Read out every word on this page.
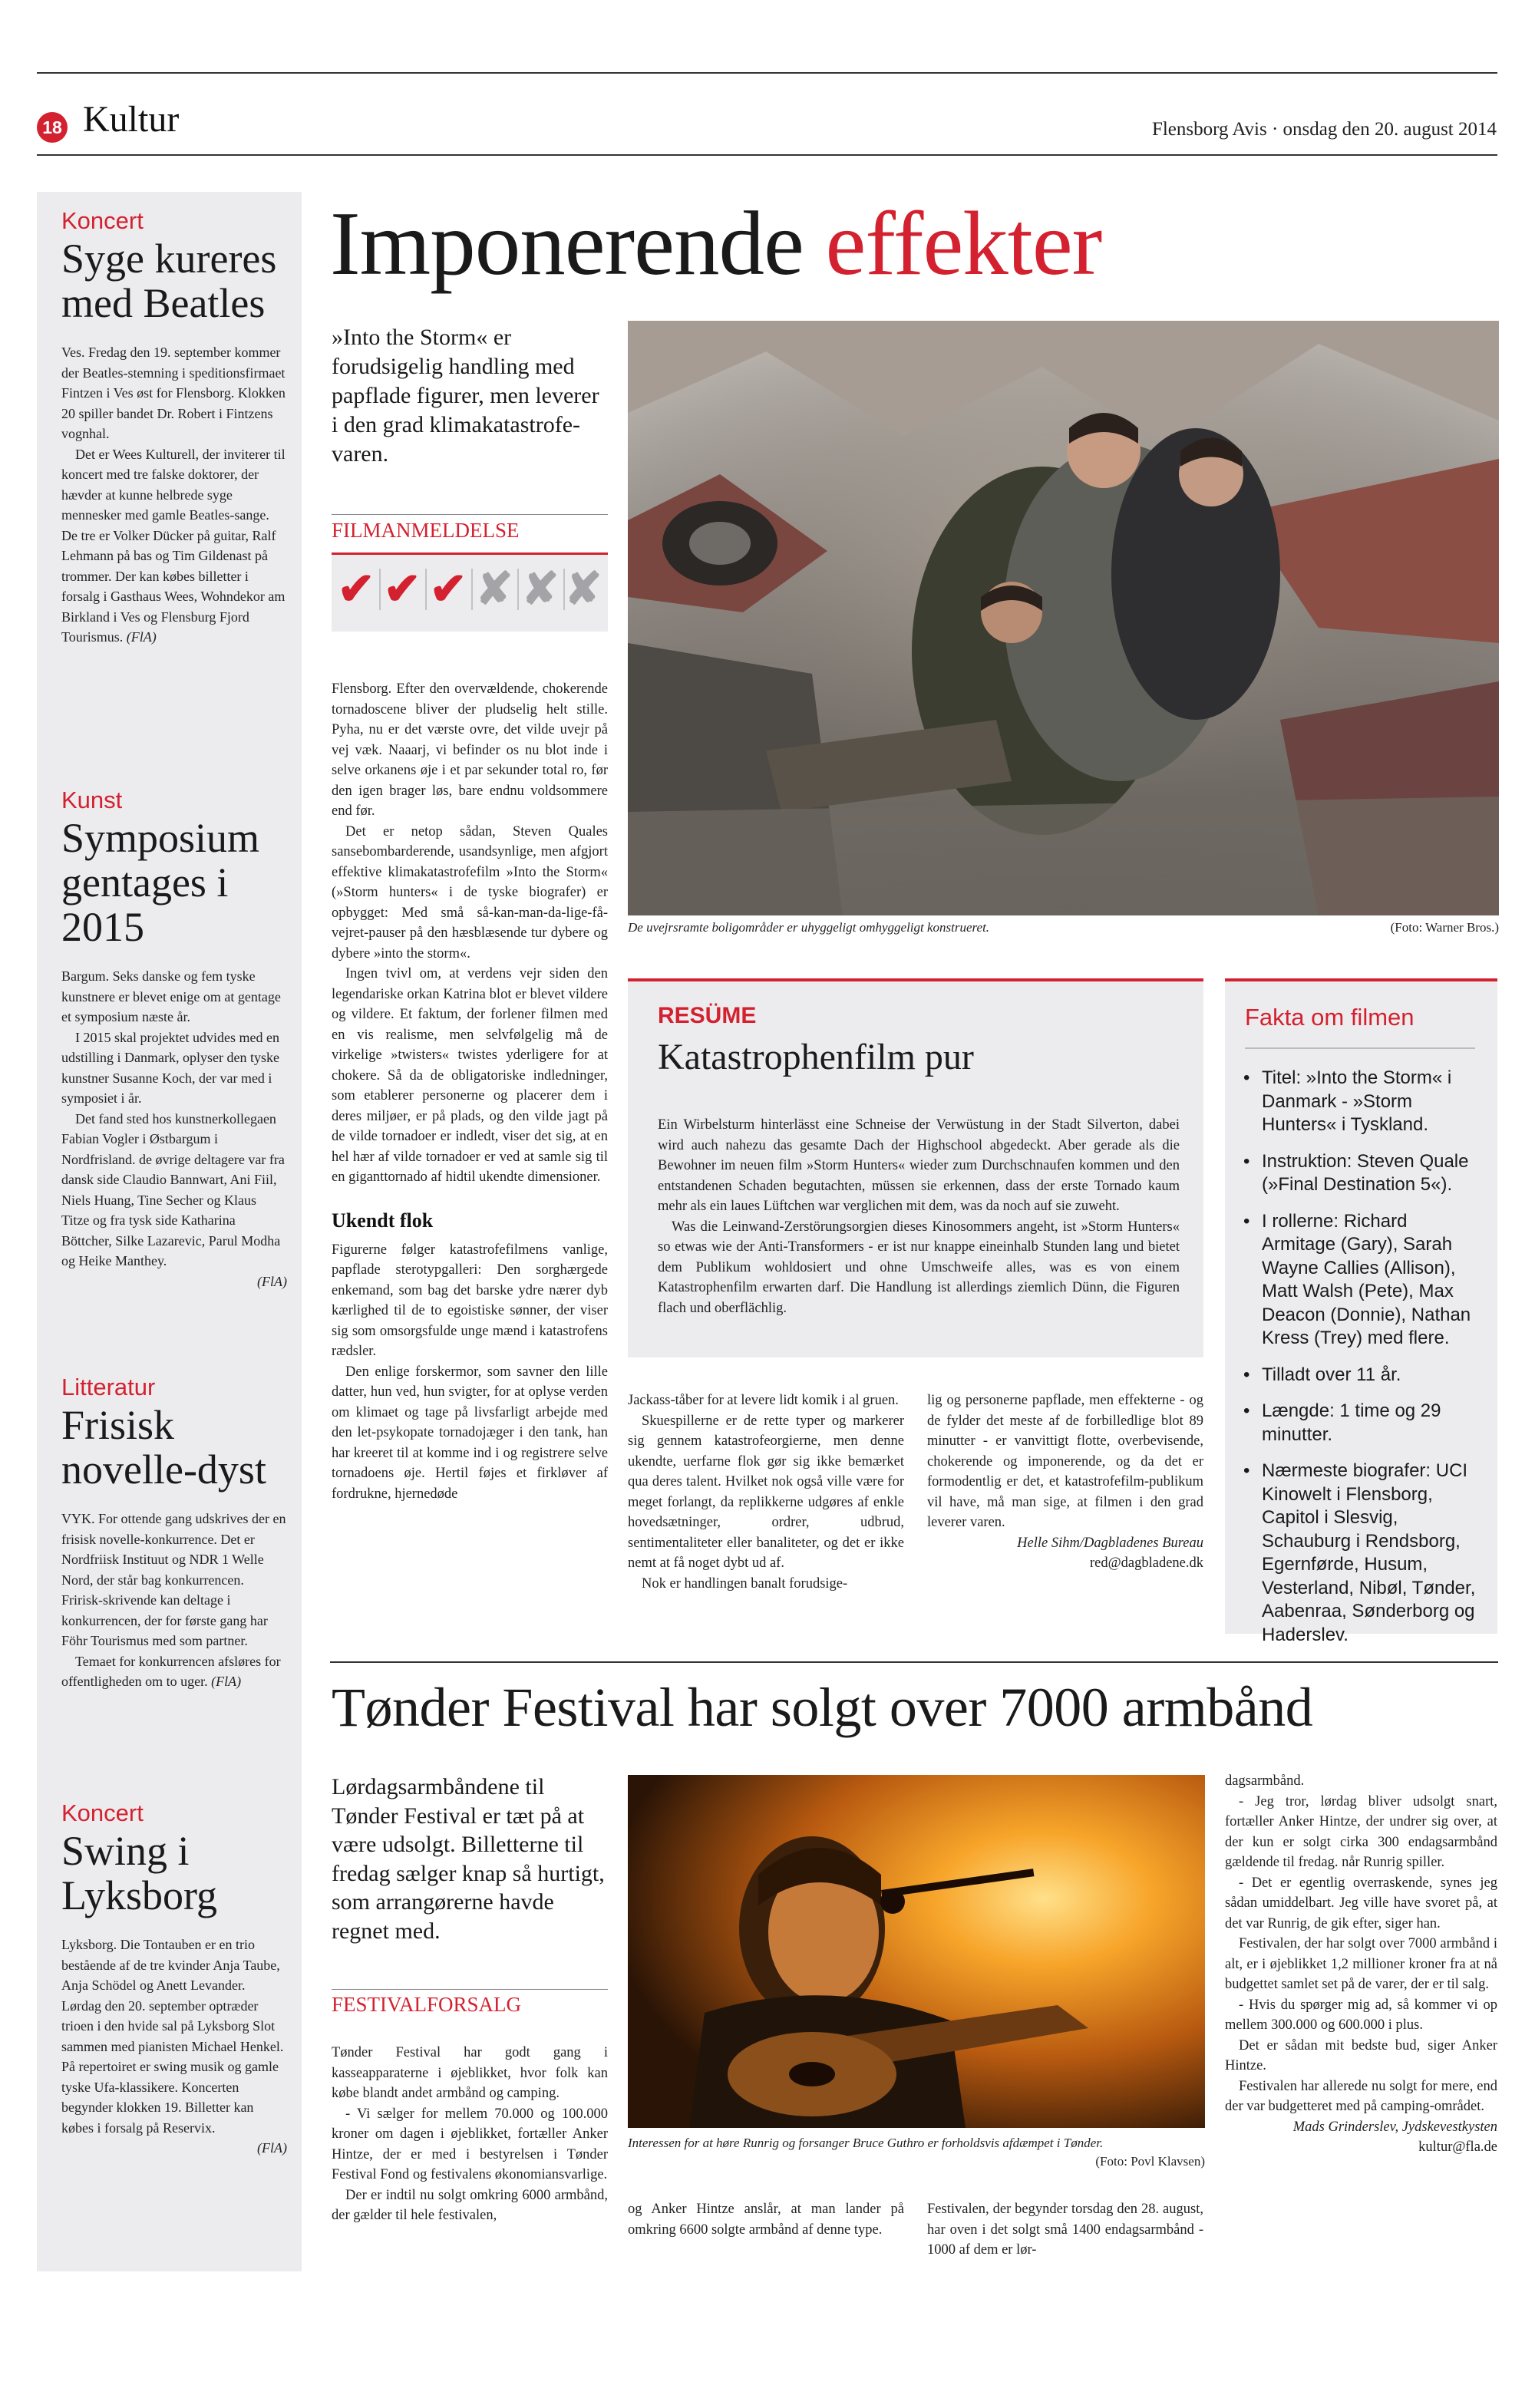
18 Kultur	Flensborg Avis · onsdag den 20. august 2014
Koncert
Syge kureres med Beatles

Ves. Fredag den 19. september kommer der Beatles-stemning i speditionsfirmaet Fintzen i Ves øst for Flensborg. Klokken 20 spiller bandet Dr. Robert i Fintzens vognhal.

Det er Wees Kulturell, der inviterer til koncert med tre falske doktorer, der hævder at kunne helbrede syge mennesker med gamle Beatles-sange. De tre er Volker Dücker på guitar, Ralf Lehmann på bas og Tim Gildenast på trommer. Der kan købes billetter i forsalg i Gasthaus Wees, Wohndekor am Birkland i Ves og Flensburg Fjord Tourismus. (FlA)

Kunst
Symposium gentages i 2015

Bargum. Seks danske og fem tyske kunstnere er blevet enige om at gentage et symposium næste år.

I 2015 skal projektet udvides med en udstilling i Danmark, oplyser den tyske kunstner Susanne Koch, der var med i symposiet i år.

Det fand sted hos kunstnerkollegaen Fabian Vogler i Østbargum i Nordfrisland. de øvrige deltagere var fra dansk side Claudio Bannwart, Ani Fiil, Niels Huang, Tine Secher og Klaus Titze og fra tysk side Katharina Böttcher, Silke Lazarevic, Parul Modha og Heike Manthey.

(FlA)
Litteratur
Frisisk novelle-dyst

VYK. For ottende gang udskrives der en frisisk novelle-konkurrence. Det er Nordfriisk Instituut og NDR 1 Welle Nord, der står bag konkurrencen. Fririsk-skrivende kan deltage i konkurrencen, der for første gang har Föhr Tourismus med som partner.

Temaet for konkurrencen afsløres for offentligheden om to uger. (FlA)

Koncert
Swing i Lyksborg

Lyksborg. Die Tontauben er en trio bestående af de tre kvinder Anja Taube, Anja Schödel og Anett Levander. Lørdag den 20. september optræder trioen i den hvide sal på Lyksborg Slot sammen med pianisten Michael Henkel. På repertoiret er swing musik og gamle tyske Ufa-klassikere. Koncerten begynder klokken 19. Billetter kan købes i forsalg på Reservix.

(FlA)
Imponerende effekter
»Into the Storm« er forudsigelig handling med papflade figurer, men leverer i den grad klimakatastrofe-varen.
FILMANMELDELSE
✔ ✔ ✔ ✘ ✘ ✘

Flensborg. Efter den overvældende, chokerende tornadoscene bliver der pludselig helt stille. Pyha, nu er det værste ovre, det vilde uvejr på vej væk. Naaarj, vi befinder os nu blot inde i selve orkanens øje i et par sekunder total ro, før den igen brager løs, bare endnu voldsommere end før.

Det er netop sådan, Steven Quales sansebombarderende, usandsynlige, men afgjort effektive klimakatastrofefilm »Into the Storm« (»Storm hunters« i de tyske biografer) er opbygget: Med små så-kan-man-da-lige-få-vejret-pauser på den hæsblæsende tur dybere og dybere »into the storm«.

Ingen tvivl om, at verdens vejr siden den legendariske orkan Katrina blot er blevet vildere og vildere. Et faktum, der forlener filmen med en vis realisme, men selvfølgelig må de virkelige »twisters« twistes yderligere for at chokere. Så da de obligatoriske indledninger, som etablerer personerne og placerer dem i deres miljøer, er på plads, og den vilde jagt på de vilde tornadoer er indledt, viser det sig, at en hel hær af vilde tornadoer er ved at samle sig til en giganttornado af hidtil ukendte dimensioner.

Ukendt flok

Figurerne følger katastrofefilmens vanlige, papflade sterotypgalleri: Den sorghærgede enkemand, som bag det barske ydre nærer dyb kærlighed til de to egoistiske sønner, der viser sig som omsorgsfulde unge mænd i katastrofens rædsler.

Den enlige forskermor, som savner den lille datter, hun ved, hun svigter, for at oplyse verden om klimaet og tage på livsfarligt arbejde med den let-psykopate tornadojæger i den tank, han har kreeret til at komme ind i og registrere selve tornadoens øje. Hertil føjes et firkløver af fordrukne, hjernedøde

De uvejrsramte boligområder er uhyggeligt omhyggeligt konstrueret.	(Foto: Warner Bros.)
RESÜME
Katastrophenfilm pur

Ein Wirbelsturm hinterlässt eine Schneise der Verwüstung in der Stadt Silverton, dabei wird auch nahezu das gesamte Dach der Highschool abgedeckt. Aber gerade als die Bewohner im neuen film »Storm Hunters« wieder zum Durchschnaufen kommen und den entstandenen Schaden begutachten, müssen sie erkennen, dass der erste Tornado kaum mehr als ein laues Lüftchen war verglichen mit dem, was da noch auf sie zuweht.

Was die Leinwand-Zerstörungsorgien dieses Kinosommers angeht, ist »Storm Hunters« so etwas wie der Anti-Transformers - er ist nur knappe eineinhalb Stunden lang und bietet dem Publikum wohldosiert und ohne Umschweife alles, was es von einem Katastrophenfilm erwarten darf. Die Handlung ist allerdings ziemlich Dünn, die Figuren flach und oberflächlig.

Fakta om filmen
• Titel: »Into the Storm« i Danmark - »Storm Hunters« i Tyskland.
• Instruktion: Steven Quale (»Final Destination 5«).
• I rollerne: Richard Armitage (Gary), Sarah Wayne Callies (Allison), Matt Walsh (Pete), Max Deacon (Donnie), Nathan Kress (Trey) med flere.
• Tilladt over 11 år.
• Længde: 1 time og 29 minutter.
• Nærmeste biografer: UCI Kinowelt i Flensborg, Capitol i Slesvig, Schauburg i Rendsborg, Egernførde, Husum, Vesterland, Nibøl, Tønder, Aabenraa, Sønderborg og Haderslev.

Jackass-tåber for at levere lidt komik i al gruen.

Skuespillerne er de rette typer og markerer sig gennem katastrofeorgierne, men denne ukendte, uerfarne flok gør sig ikke bemærket qua deres talent. Hvilket nok også ville være for meget forlangt, da replikkerne udgøres af enkle hovedsætninger, ordrer, udbrud, sentimentaliteter eller banaliteter, og det er ikke nemt at få noget dybt ud af.

Nok er handlingen banalt forudsige-

lig og personerne papflade, men effekterne - og de fylder det meste af de forbilledlige blot 89 minutter - er vanvittigt flotte, overbevisende, chokerende og imponerende, og da det er formodentlig er det, et katastrofefilm-publikum vil have, må man sige, at filmen i den grad leverer varen.

Helle Sihm/Dagbladenes Bureau
red@dagbladene.dk
Tønder Festival har solgt over 7000 armbånd
Lørdagsarmbåndene til Tønder Festival er tæt på at være udsolgt. Billetterne til fredag sælger knap så hurtigt, som arrangørerne havde regnet med.
FESTIVALFORSALG

Tønder Festival har godt gang i kasseapparaterne i øjeblikket, hvor folk kan købe blandt andet armbånd og camping.

- Vi sælger for mellem 70.000 og 100.000 kroner om dagen i øjeblikket, fortæller Anker Hintze, der er med i bestyrelsen i Tønder Festival Fond og festivalens økonomiansvarlige.

Der er indtil nu solgt omkring 6000 armbånd, der gælder til hele festivalen,

Interessen for at høre Runrig og forsanger Bruce Guthro er forholdsvis afdæmpet i Tønder.
(Foto: Povl Klavsen)

og Anker Hintze anslår, at man lander på omkring 6600 solgte armbånd af denne type.

Festivalen, der begynder torsdag den 28. august, har oven i det solgt små 1400 endagsarmbånd - 1000 af dem er lør-

dagsarmbånd.

- Jeg tror, lørdag bliver udsolgt snart, fortæller Anker Hintze, der undrer sig over, at der kun er solgt cirka 300 endagsarmbånd gældende til fredag. når Runrig spiller.

- Det er egentlig overraskende, synes jeg sådan umiddelbart. Jeg ville have svoret på, at det var Runrig, de gik efter, siger han.

Festivalen, der har solgt over 7000 armbånd i alt, er i øjeblikket 1,2 millioner kroner fra at nå budgettet samlet set på de varer, der er til salg.

- Hvis du spørger mig ad, så kommer vi op mellem 300.000 og 600.000 i plus.

Det er sådan mit bedste bud, siger Anker Hintze.

Festivalen har allerede nu solgt for mere, end der var budgetteret med på camping-området.

Mads Grinderslev, Jydskevestkysten
kultur@fla.de
